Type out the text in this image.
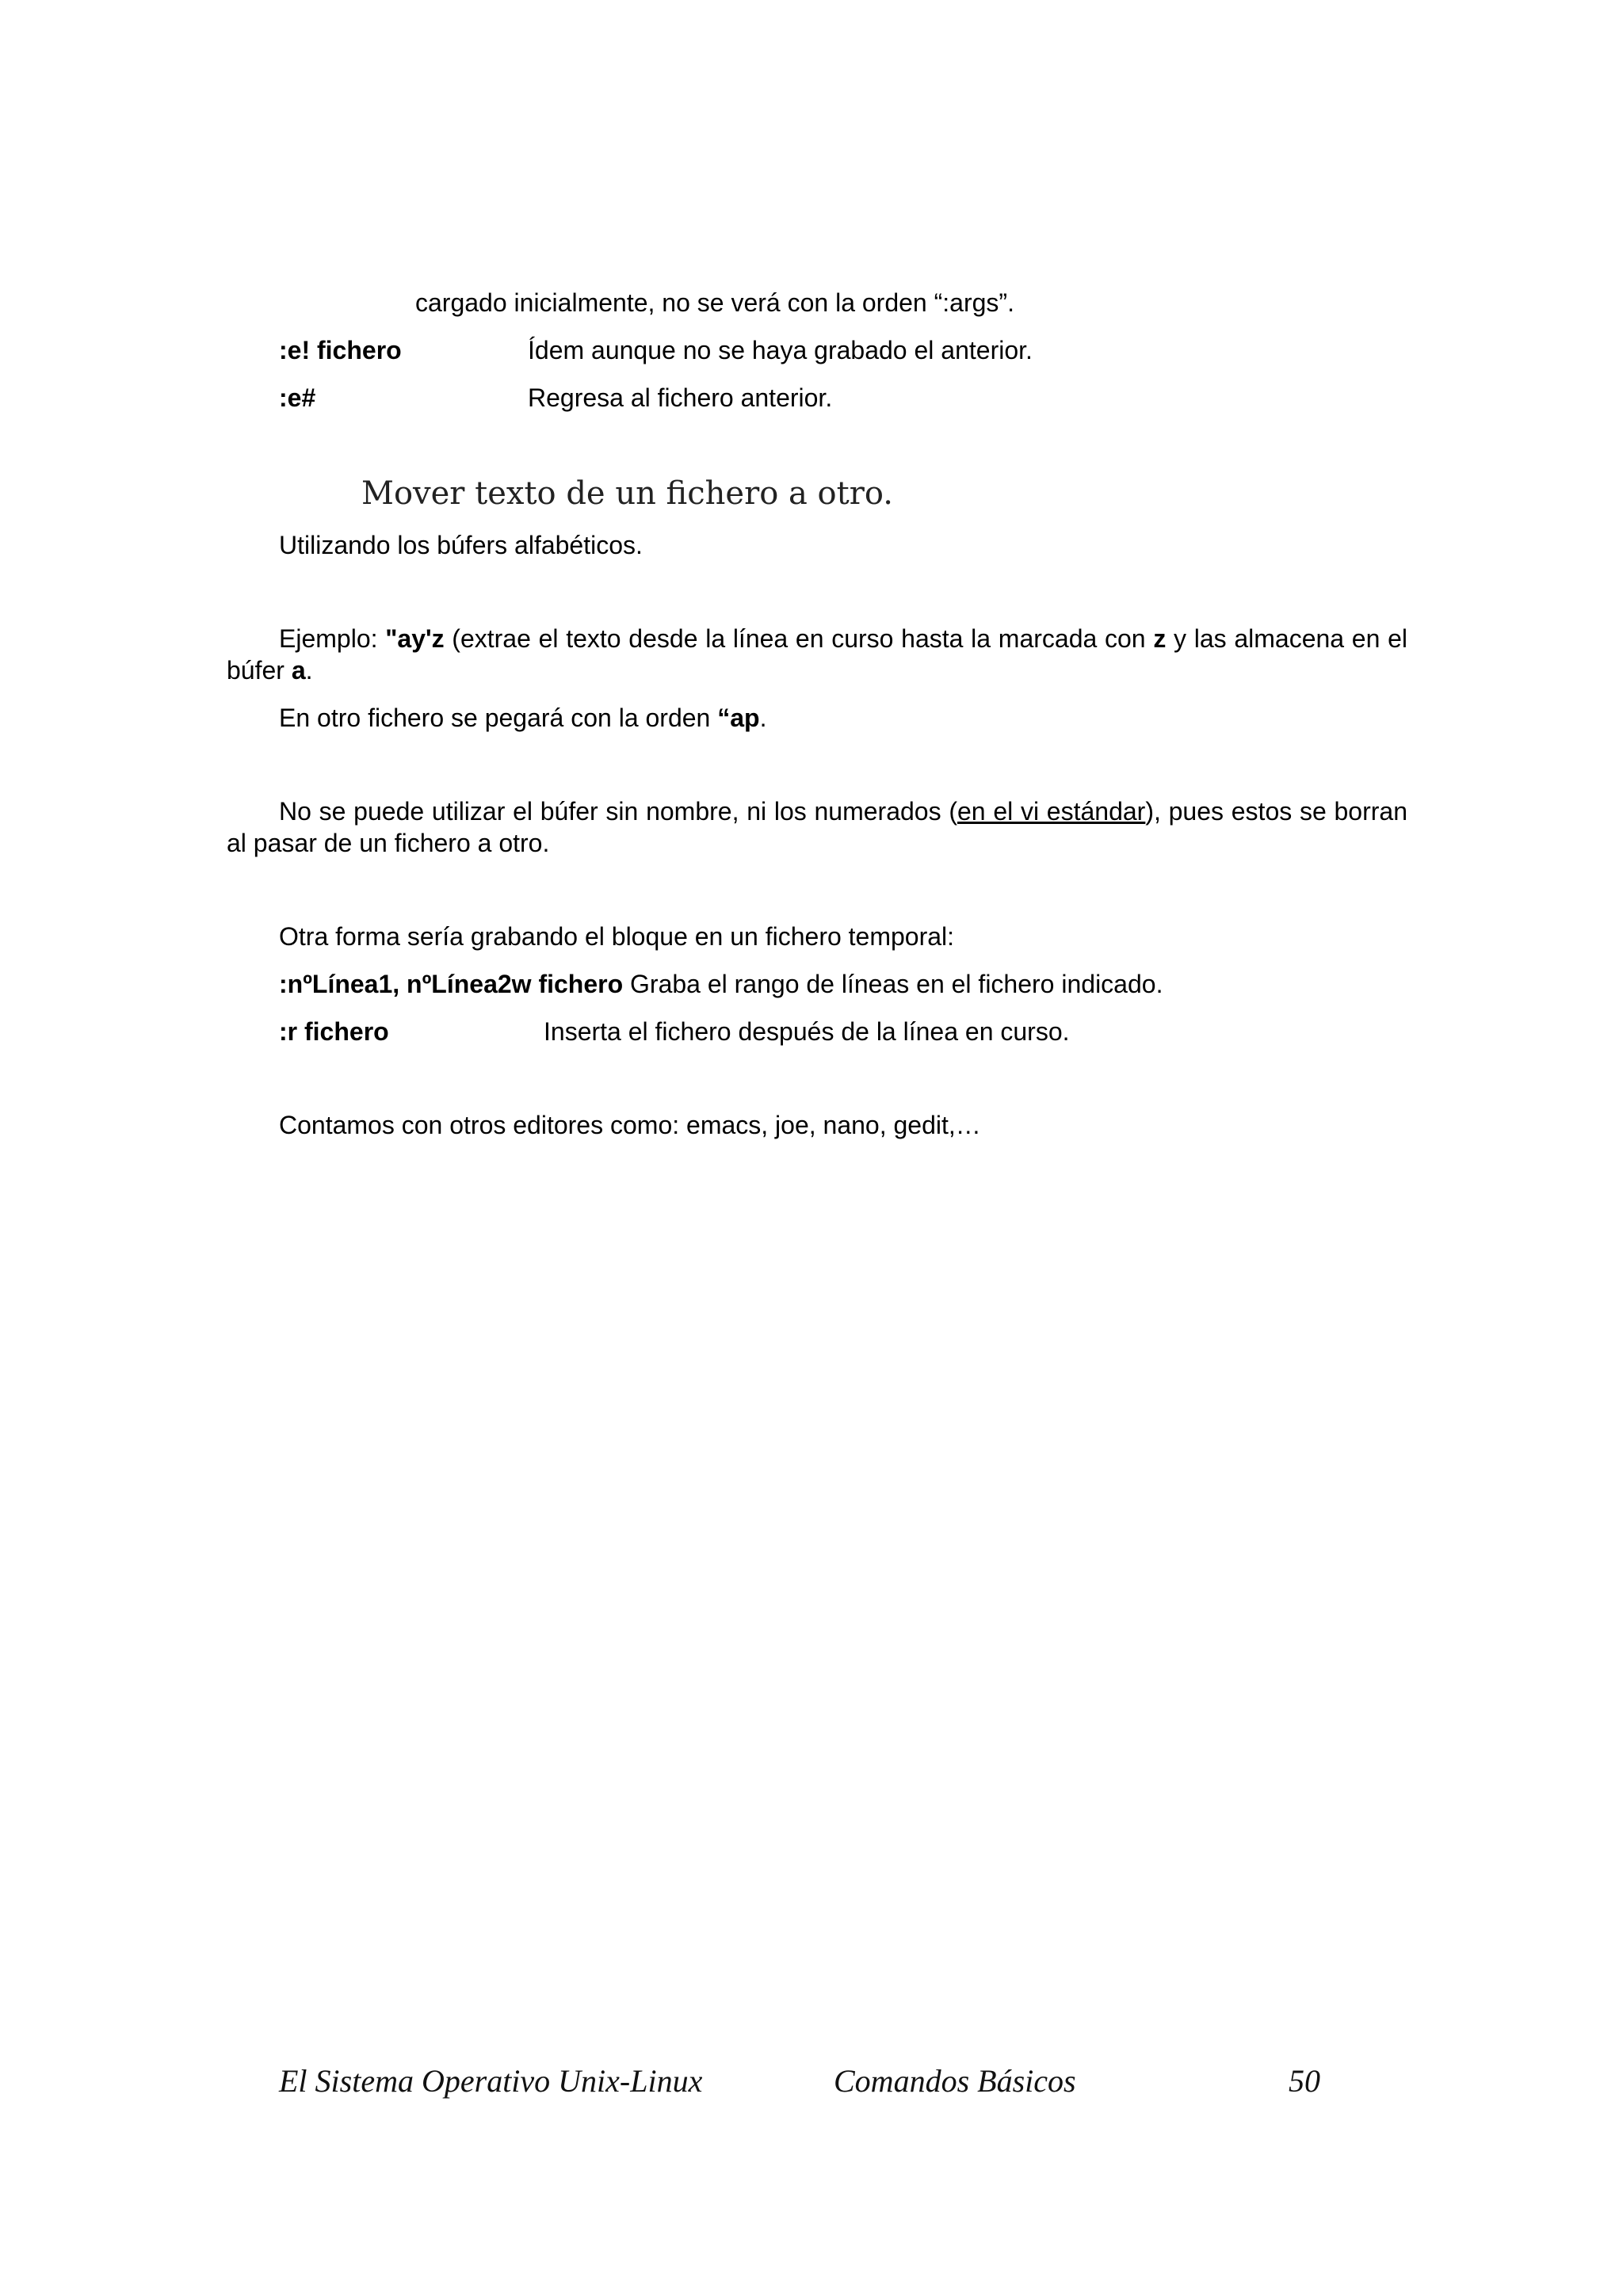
cargado inicialmente, no se verá con la orden “:args”.
:e! fichero	Ídem aunque no se haya grabado el anterior.
:e#	Regresa al fichero anterior.
Mover texto de un fichero a otro.
Utilizando los búfers alfabéticos.
Ejemplo: "ay'z (extrae el texto desde la línea en curso hasta la marcada con z y las almacena en el búfer a.
En otro fichero se pegará con la orden “ap.
No se puede utilizar el búfer sin nombre, ni los numerados (en el vi estándar), pues estos se borran al pasar de un fichero a otro.
Otra forma sería grabando el bloque en un fichero temporal:
:nºLínea1, nºLínea2w fichero Graba el rango de líneas en el fichero indicado.
:r fichero	Inserta el fichero después de la línea en curso.
Contamos con otros editores como: emacs, joe, nano, gedit,…
El Sistema Operativo Unix-Linux	Comandos Básicos	50
